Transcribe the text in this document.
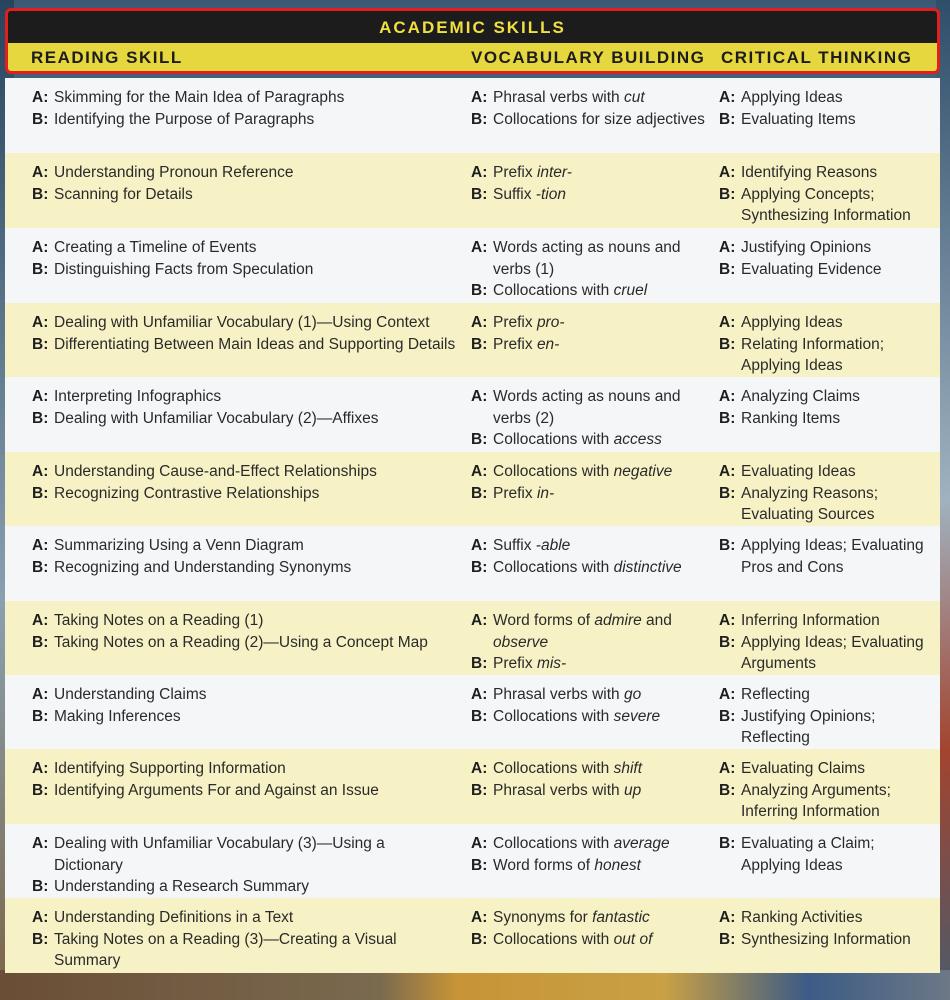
ACADEMIC SKILLS
READING SKILL	VOCABULARY BUILDING CRITICAL THINKING
A: Skimming for the Main Idea of Paragraphs
B: Identifying the Purpose of Paragraphs
A: Phrasal verbs with cut
B: Collocations for size adjectives
A: Applying Ideas
B: Evaluating Items
A: Understanding Pronoun Reference
B: Scanning for Details
A: Prefix inter-
B: Suffix -tion
A: Identifying Reasons
B: Applying Concepts; Synthesizing Information
A: Creating a Timeline of Events
B: Distinguishing Facts from Speculation
A: Words acting as nouns and verbs (1)
B: Collocations with cruel
A: Justifying Opinions
B: Evaluating Evidence
A: Dealing with Unfamiliar Vocabulary (1)—Using Context
B: Differentiating Between Main Ideas and Supporting Details
A: Prefix pro-
B: Prefix en-
A: Applying Ideas
B: Relating Information; Applying Ideas
A: Interpreting Infographics
B: Dealing with Unfamiliar Vocabulary (2)—Affixes
A: Words acting as nouns and verbs (2)
B: Collocations with access
A: Analyzing Claims
B: Ranking Items
A: Understanding Cause-and-Effect Relationships
B: Recognizing Contrastive Relationships
A: Collocations with negative
B: Prefix in-
A: Evaluating Ideas
B: Analyzing Reasons; Evaluating Sources
A: Summarizing Using a Venn Diagram
B: Recognizing and Understanding Synonyms
A: Suffix -able
B: Collocations with distinctive
B: Applying Ideas; Evaluating Pros and Cons
A: Taking Notes on a Reading (1)
B: Taking Notes on a Reading (2)—Using a Concept Map
A: Word forms of admire and
observe
B: Prefix mis-
A: Inferring Information
B: Applying Ideas; Evaluating Arguments
A: Understanding Claims
B: Making Inferences
A: Phrasal verbs with go
B: Collocations with severe
A: Reflecting
B: Justifying Opinions; Reflecting
A: Identifying Supporting Information
B: Identifying Arguments For and Against an Issue
A: Collocations with shift
B: Phrasal verbs with up
A: Evaluating Claims
B: Analyzing Arguments; Inferring Information
A: Dealing with Unfamiliar Vocabulary (3)—Using a Dictionary
B: Understanding a Research Summary
A: Collocations with average
B: Word forms of honest
B: Evaluating a Claim; Applying Ideas
A: Understanding Definitions in a Text
B: Taking Notes on a Reading (3)—Creating a Visual Summary
A: Synonyms for fantastic
B: Collocations with out of
A: Ranking Activities
B: Synthesizing Information
